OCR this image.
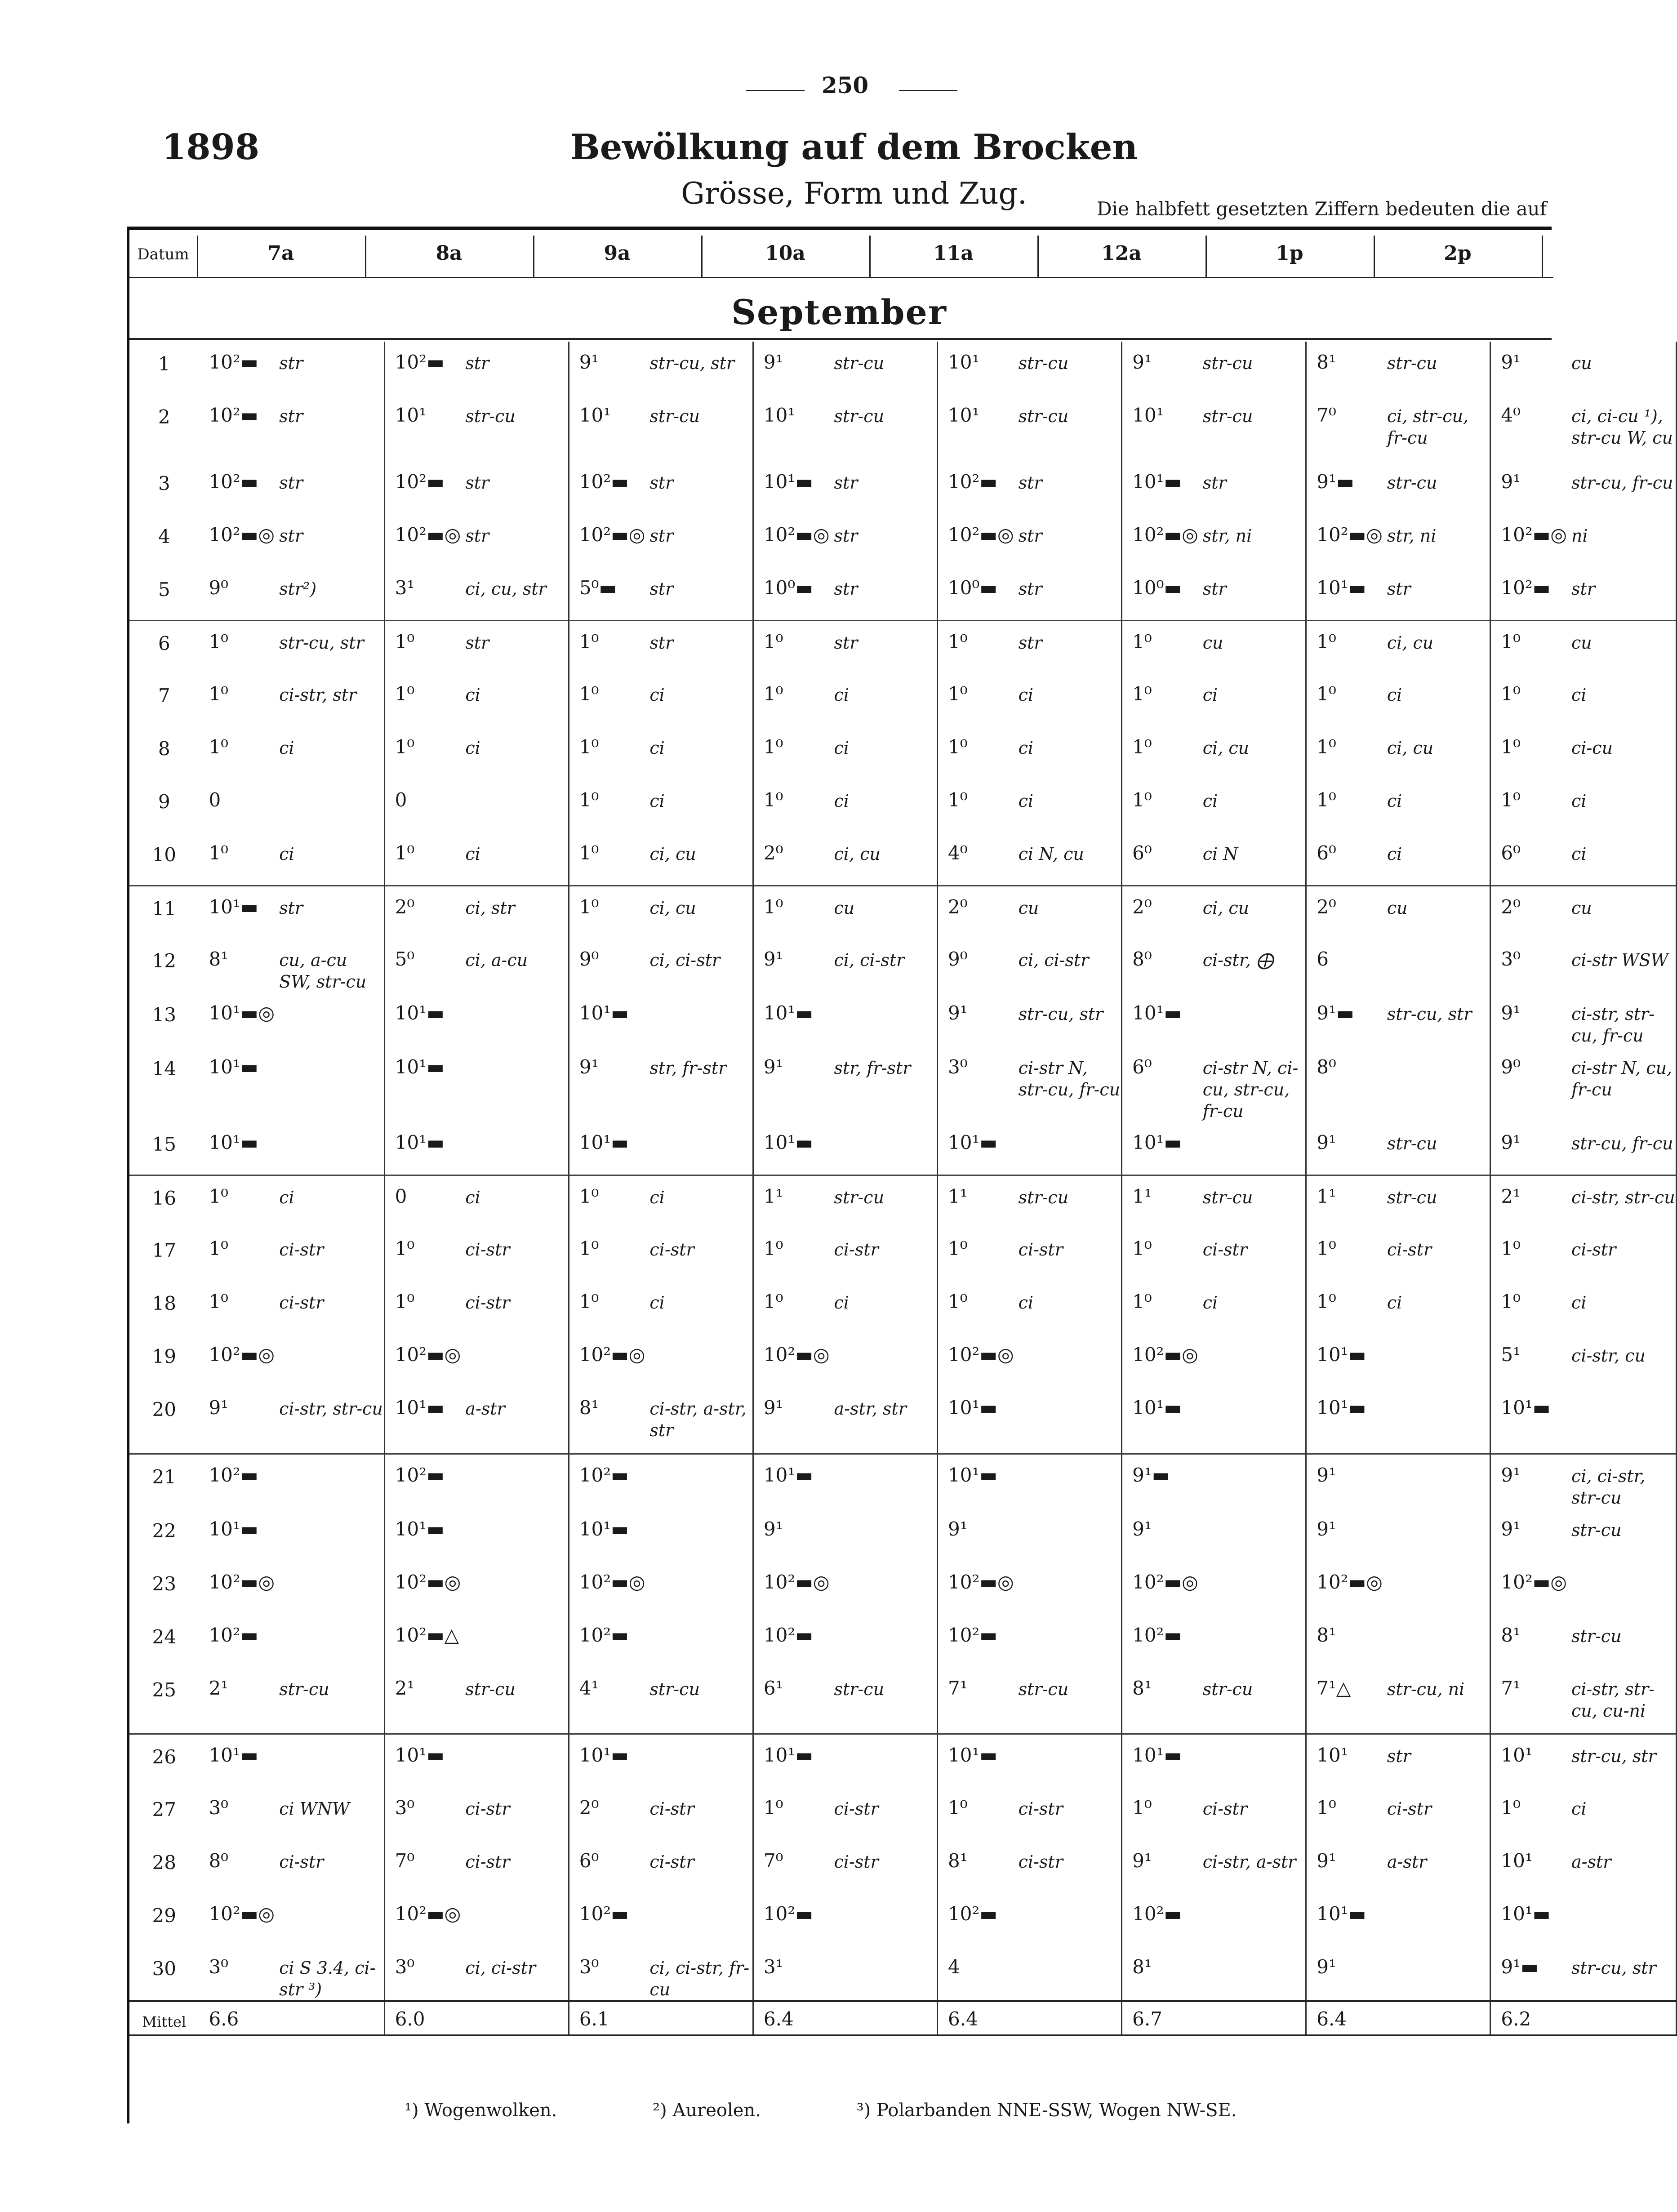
250
1898	Bewölkung auf dem Brocken
Grösse, Form und Zug.	Die halbfett gesetzten Ziffern bedeuten die auf
Datum	7a	8a	9a	10a	11a	12a	1p	2p
September
1	10²▬	str	10²▬	str	9¹	str-cu, str	9¹	str-cu	10¹	str-cu	9¹	str-cu	8¹	str-cu	9¹	cu
2	10²▬	str	10¹	str-cu	10¹	str-cu	10¹	str-cu	10¹	str-cu	10¹	str-cu	7⁰	ci, str-cu, fr-cu	4⁰	ci, ci-cu ¹), str-cu W, cu
3	10²▬	str	10²▬	str	10²▬	str	10¹▬	str	10²▬	str	10¹▬	str	9¹▬	str-cu	9¹	str-cu, fr-cu
4	10²▬◎	str	10²▬◎	str	10²▬◎	str	10²▬◎	str	10²▬◎	str	10²▬◎	str, ni	10²▬◎	str, ni	10²▬◎	ni
5	9⁰	str²)	3¹	ci, cu, str	5⁰▬	str	10⁰▬	str	10⁰▬	str	10⁰▬	str	10¹▬	str	10²▬	str
6	1⁰	str-cu, str	1⁰	str	1⁰	str	1⁰	str	1⁰	str	1⁰	cu	1⁰	ci, cu	1⁰	cu
7	1⁰	ci-str, str	1⁰	ci	1⁰	ci	1⁰	ci	1⁰	ci	1⁰	ci	1⁰	ci	1⁰	ci
8	1⁰	ci	1⁰	ci	1⁰	ci	1⁰	ci	1⁰	ci	1⁰	ci, cu	1⁰	ci, cu	1⁰	ci-cu
9	0		0		1⁰	ci	1⁰	ci	1⁰	ci	1⁰	ci	1⁰	ci	1⁰	ci
10	1⁰	ci	1⁰	ci	1⁰	ci, cu	2⁰	ci, cu	4⁰	ci N, cu	6⁰	ci N	6⁰	ci	6⁰	ci
11	10¹▬	str	2⁰	ci, str	1⁰	ci, cu	1⁰	cu	2⁰	cu	2⁰	ci, cu	2⁰	cu	2⁰	cu
12	8¹	cu, a-cu SW, str-cu	5⁰	ci, a-cu	9⁰	ci, ci-str	9¹	ci, ci-str	9⁰	ci, ci-str	8⁰	ci-str, ⨁	6		3⁰	ci-str WSW
13	10¹▬◎		10¹▬		10¹▬		10¹▬		9¹	str-cu, str	10¹▬		9¹▬	str-cu, str	9¹	ci-str, str-cu, fr-cu
14	10¹▬		10¹▬		9¹	str, fr-str	9¹	str, fr-str	3⁰	ci-str N, str-cu, fr-cu	6⁰	ci-str N, ci-cu, str-cu, fr-cu	8⁰		9⁰	ci-str N, cu, fr-cu
15	10¹▬		10¹▬		10¹▬		10¹▬		10¹▬		10¹▬		9¹	str-cu	9¹	str-cu, fr-cu
16	1⁰	ci	0	ci	1⁰	ci	1¹	str-cu	1¹	str-cu	1¹	str-cu	1¹	str-cu	2¹	ci-str, str-cu
17	1⁰	ci-str	1⁰	ci-str	1⁰	ci-str	1⁰	ci-str	1⁰	ci-str	1⁰	ci-str	1⁰	ci-str	1⁰	ci-str
18	1⁰	ci-str	1⁰	ci-str	1⁰	ci	1⁰	ci	1⁰	ci	1⁰	ci	1⁰	ci	1⁰	ci
19	10²▬◎		10²▬◎		10²▬◎		10²▬◎		10²▬◎		10²▬◎		10¹▬		5¹	ci-str, cu
20	9¹	ci-str, str-cu	10¹▬	a-str	8¹	ci-str, a-str, str	9¹	a-str, str	10¹▬		10¹▬		10¹▬		10¹▬	
21	10²▬		10²▬		10²▬		10¹▬		10¹▬		9¹▬		9¹		9¹	ci, ci-str, str-cu
22	10¹▬		10¹▬		10¹▬		9¹		9¹		9¹		9¹		9¹	str-cu
23	10²▬◎		10²▬◎		10²▬◎		10²▬◎		10²▬◎		10²▬◎		10²▬◎		10²▬◎	
24	10²▬		10²▬△		10²▬		10²▬		10²▬		10²▬		8¹		8¹	str-cu
25	2¹	str-cu	2¹	str-cu	4¹	str-cu	6¹	str-cu	7¹	str-cu	8¹	str-cu	7¹△	str-cu, ni	7¹	ci-str, str-cu, cu-ni
26	10¹▬		10¹▬		10¹▬		10¹▬		10¹▬		10¹▬		10¹	str	10¹	str-cu, str
27	3⁰	ci WNW	3⁰	ci-str	2⁰	ci-str	1⁰	ci-str	1⁰	ci-str	1⁰	ci-str	1⁰	ci-str	1⁰	ci
28	8⁰	ci-str	7⁰	ci-str	6⁰	ci-str	7⁰	ci-str	8¹	ci-str	9¹	ci-str, a-str	9¹	a-str	10¹	a-str
29	10²▬◎		10²▬◎		10²▬		10²▬		10²▬		10²▬		10¹▬		10¹▬	
30	3⁰	ci S 3.4, ci-str ³)	3⁰	ci, ci-str	3⁰	ci, ci-str, fr-cu	3¹		4		8¹		9¹		9¹▬	str-cu, str
Mittel	6.6		6.0		6.1		6.4		6.4		6.7		6.4		6.2	
¹) Wogenwolken.	²) Aureolen.	³) Polarbanden NNE-SSW, Wogen NW-SE.
